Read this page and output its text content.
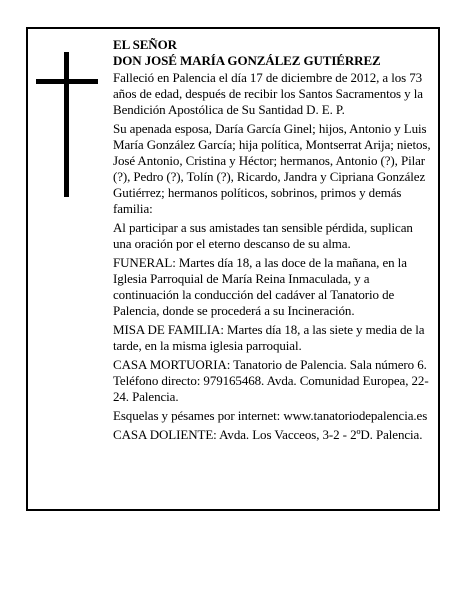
EL SEÑOR

DON JOSÉ MARÍA GONZÁLEZ GUTIÉRREZ

Falleció en Palencia el día 17 de diciembre de 2012, a los 73 años de edad, después de recibir los Santos Sacramentos y la Bendición Apostólica de Su Santidad D. E. P.

Su apenada esposa, Daría García Ginel; hijos, Antonio y Luis María González García; hija política, Montserrat Arija; nietos, José Antonio, Cristina y Héctor; hermanos, Antonio (?), Pilar (?), Pedro (?), Tolín (?), Ricardo, Jandra y Cipriana González Gutiérrez; hermanos políticos, sobrinos, primos y demás familia:

Al participar a sus amistades tan sensible pérdida, suplican una oración por el eterno descanso de su alma.

FUNERAL: Martes día 18, a las doce de la mañana, en la Iglesia Parroquial de María Reina Inmaculada, y a continuación la conducción del cadáver al Tanatorio de Palencia, donde se procederá a su Incineración.

MISA DE FAMILIA: Martes día 18, a las siete y media de la tarde, en la misma iglesia parroquial.

CASA MORTUORIA: Tanatorio de Palencia. Sala número 6. Teléfono directo: 979165468. Avda. Comunidad Europea, 22-24. Palencia.

Esquelas y pésames por internet: www.tanatoriodepalencia.es

CASA DOLIENTE: Avda. Los Vacceos, 3-2 - 2ºD. Palencia.
